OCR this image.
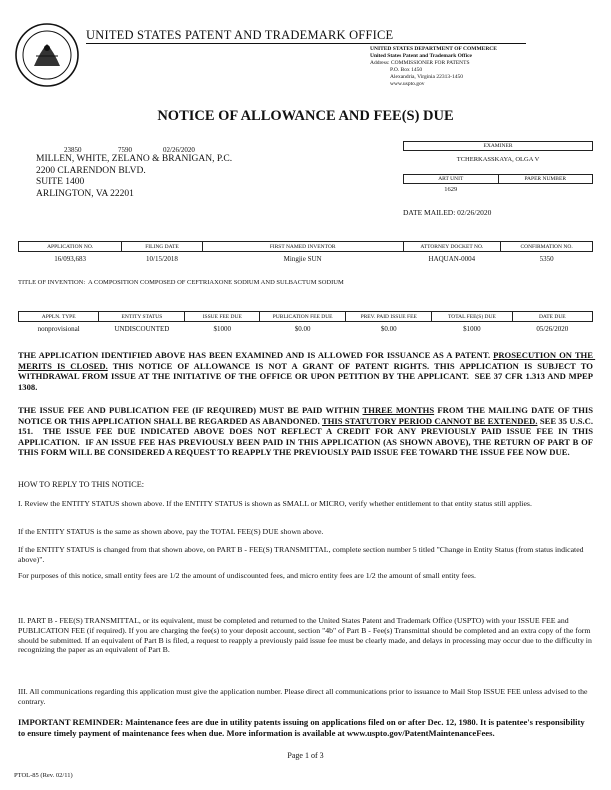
UNITED STATES PATENT AND TRADEMARK OFFICE
UNITED STATES DEPARTMENT OF COMMERCE
United States Patent and Trademark Office
Address: COMMISSIONER FOR PATENTS
P.O. Box 1450
Alexandria, Virginia 22313-1450
www.uspto.gov
NOTICE OF ALLOWANCE AND FEE(S) DUE
23850	7590	02/26/2020
MILLEN, WHITE, ZELANO & BRANIGAN, P.C.
2200 CLARENDON BLVD.
SUITE 1400
ARLINGTON, VA 22201
EXAMINER
TCHERKASSKAYA, OLGA V
ART UNIT	PAPER NUMBER
1629	
DATE MAILED: 02/26/2020
APPLICATION NO.	FILING DATE	FIRST NAMED INVENTOR	ATTORNEY DOCKET NO.	CONFIRMATION NO.
16/093,683	10/15/2018	Mingjie SUN	HAQUAN-0004	5350
TITLE OF INVENTION:  A COMPOSITION COMPOSED OF CEFTRIAXONE SODIUM AND SULBACTUM SODIUM
APPLN. TYPE	ENTITY STATUS	ISSUE FEE DUE	PUBLICATION FEE DUE	PREV. PAID ISSUE FEE	TOTAL FEE(S) DUE	DATE DUE
nonprovisional	UNDISCOUNTED	$1000	$0.00	$0.00	$1000	05/26/2020
THE APPLICATION IDENTIFIED ABOVE HAS BEEN EXAMINED AND IS ALLOWED FOR ISSUANCE AS A PATENT. PROSECUTION ON THE MERITS IS CLOSED. THIS NOTICE OF ALLOWANCE IS NOT A GRANT OF PATENT RIGHTS. THIS APPLICATION IS SUBJECT TO WITHDRAWAL FROM ISSUE AT THE INITIATIVE OF THE OFFICE OR UPON PETITION BY THE APPLICANT.  SEE 37 CFR 1.313 AND MPEP 1308.
THE ISSUE FEE AND PUBLICATION FEE (IF REQUIRED) MUST BE PAID WITHIN THREE MONTHS FROM THE MAILING DATE OF THIS NOTICE OR THIS APPLICATION SHALL BE REGARDED AS ABANDONED. THIS STATUTORY PERIOD CANNOT BE EXTENDED. SEE 35 U.S.C. 151.  THE ISSUE FEE DUE INDICATED ABOVE DOES NOT REFLECT A CREDIT FOR ANY PREVIOUSLY PAID ISSUE FEE IN THIS APPLICATION.  IF AN ISSUE FEE HAS PREVIOUSLY BEEN PAID IN THIS APPLICATION (AS SHOWN ABOVE), THE RETURN OF PART B OF THIS FORM WILL BE CONSIDERED A REQUEST TO REAPPLY THE PREVIOUSLY PAID ISSUE FEE TOWARD THE ISSUE FEE NOW DUE.
HOW TO REPLY TO THIS NOTICE:
I. Review the ENTITY STATUS shown above. If the ENTITY STATUS is shown as SMALL or MICRO, verify whether entitlement to that entity status still applies.
If the ENTITY STATUS is the same as shown above, pay the TOTAL FEE(S) DUE shown above.
If the ENTITY STATUS is changed from that shown above, on PART B - FEE(S) TRANSMITTAL, complete section number 5 titled "Change in Entity Status (from status indicated above)".
For purposes of this notice, small entity fees are 1/2 the amount of undiscounted fees, and micro entity fees are 1/2 the amount of small entity fees.
II. PART B - FEE(S) TRANSMITTAL, or its equivalent, must be completed and returned to the United States Patent and Trademark Office (USPTO) with your ISSUE FEE and PUBLICATION FEE (if required). If you are charging the fee(s) to your deposit account, section "4b" of Part B - Fee(s) Transmittal should be completed and an extra copy of the form should be submitted. If an equivalent of Part B is filed, a request to reapply a previously paid issue fee must be clearly made, and delays in processing may occur due to the difficulty in recognizing the paper as an equivalent of Part B.
III. All communications regarding this application must give the application number. Please direct all communications prior to issuance to Mail Stop ISSUE FEE unless advised to the contrary.
IMPORTANT REMINDER: Maintenance fees are due in utility patents issuing on applications filed on or after Dec. 12, 1980. It is patentee's responsibility to ensure timely payment of maintenance fees when due. More information is available at www.uspto.gov/PatentMaintenanceFees.
Page 1 of 3
PTOL-85 (Rev. 02/11)
